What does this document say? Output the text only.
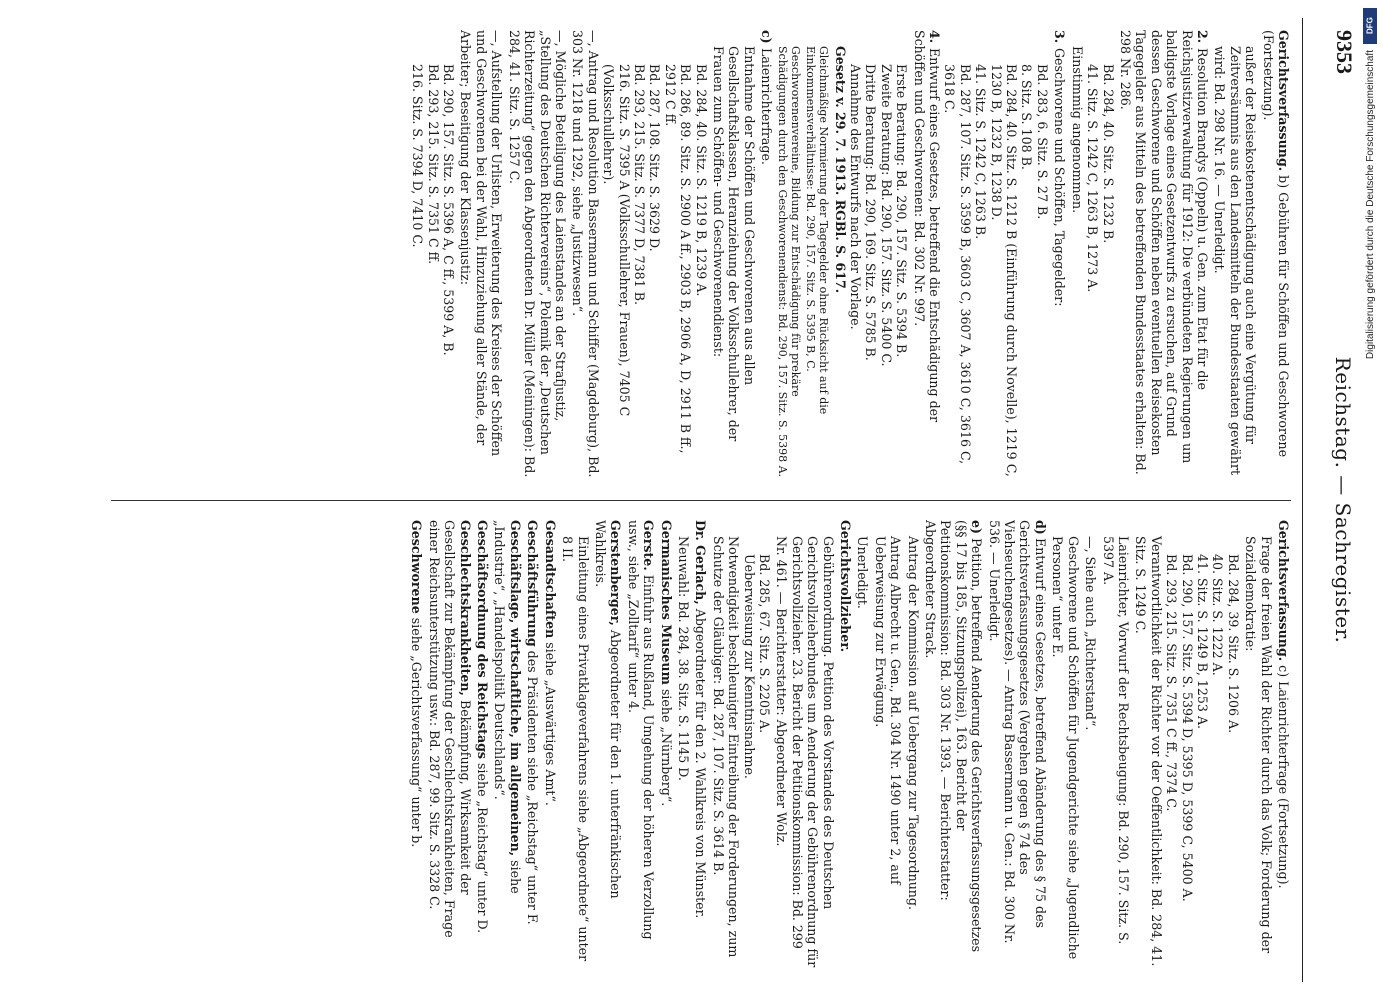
9353
Reichstag. — Sachregister.

Gerichtsverfassung. b) Gebühren für Schöffen und Geschworene (Fortsetzung).

außer der Reisekostenentschädigung auch eine Vergütung für Zeitversäumnis aus den Landesmitteln der Bundesstaaten gewährt wird: Bd. 298 Nr. 16. — Unerledigt.

2.Resolution Brandys (Oppeln) u. Gen. zum Etat für die Reichsjustizverwaltung für 1912: Die verbündeten Regierungen um baldigste Vorlage eines Gesetzentwurfs zu ersuchen, auf Grund dessen Geschworene und Schöffen neben eventuellen Reisekosten Tagegelder aus Mitteln des betreffenden Bundesstaates erhalten: Bd. 298 Nr. 286.

Bd. 284, 40. Sitz. S. 1232 B.
41. Sitz. S. 1242 C, 1263 B, 1273 A.

Einstimmig angenommen.

3.Geschworene und Schöffen, Tagegelder:

Bd. 283, 6. Sitz. S. 27 B.
8. Sitz. S. 108 B.

Bd. 284, 40. Sitz. S. 1212 B (Einführung durch Novelle), 1219 C, 1230 B, 1232 B, 1238 D.

41. Sitz. S. 1242 C, 1263 B.

Bd. 287, 107. Sitz. S. 3599 B, 3603 C, 3607 A, 3610 C, 3616 C, 3618 C.

4.Entwurf eines Gesetzes, betreffend die Entschädigung der Schöffen und Geschworenen: Bd. 302 Nr. 997.

Erste Beratung: Bd. 290, 157. Sitz. S. 5394 B.
Zweite Beratung: Bd. 290, 157. Sitz. S. 5400 C.
Dritte Beratung: Bd. 290, 169. Sitz. S. 5785 B.
Annahme des Entwurfs nach der Vorlage.

Gesetz v. 29. 7. 1913. RGBl. S. 617.

Gleichmäßige Normierung der Tagegelder ohne Rücksicht auf die Einkommensverhältnisse: Bd. 290, 157. Sitz. S. 5395 B, C.

Geschworenenvereine, Bildung zur Entschädigung für prekäre Schädigungen durch den Geschworenendienst: Bd. 290, 157. Sitz. S. 5398 A.

c)Laienrichterfrage.

Entnahme der Schöffen und Geschworenen aus allen Gesellschaftsklassen, Heranziehung der Volksschullehrer, der Frauen zum Schöffen- und Geschworenendienst:

Bd. 284, 40. Sitz. S. 1219 B, 1239 A.

Bd. 286, 89. Sitz. S. 2900 A ff., 2903 B, 2906 A, D, 2911 B ff., 2912 C ff.

Bd. 287, 108. Sitz. S. 3629 D.
Bd. 293, 215. Sitz. S. 7377 D, 7381 B.

216. Sitz. S. 7395 A (Volksschullehrer, Frauen), 7405 C (Volksschullehrer).

—, Antrag und Resolution Bassermann und Schiffer (Magdeburg), Bd. 303 Nr. 1218 und 1292, siehe „Justizwesen“.

—, Mögliche Beteiligung des Laienstandes an der Strafjustiz, „Stellung des Deutschen Richtervereins“, Polemik der „Deutschen Richterzeitung“ gegen den Abgeordneten Dr. Müller (Meiningen): Bd. 284, 41. Sitz. S. 1257 C.

—, Aufstellung der Urlisten, Erweiterung des Kreises der Schöffen und Geschworenen bei der Wahl, Hinzuziehung aller Stände, der Arbeiter; Beseitigung der Klassenjustiz:

Bd. 290, 157. Sitz. S. 5396 A, C ff., 5399 A, B.
Bd. 293, 215. Sitz. S. 7351 C ff.
216. Sitz. S. 7394 D, 7410 C.

Gerichtsverfassung. c) Laienrichterfrage (Fortsetzung).

Frage der freien Wahl der Richter durch das Volk; Forderung der Sozialdemokratie:

Bd. 284, 39. Sitz. S. 1206 A.
40. Sitz. S. 1222 A.
41. Sitz. S. 1249 B, 1253 A.

Bd. 290, 157. Sitz. S. 5394 D, 5395 D, 5399 C, 5400 A.

Bd. 293, 215. Sitz. S. 7351 C ff., 7374 C.

Verantwortlichkeit der Richter vor der Oeffentlichkeit: Bd. 284, 41. Sitz. S. 1249 C.

Laienrichter, Vorwurf der Rechtsbeugung: Bd. 290, 157. Sitz. S. 5397 A.

—, Siehe auch „Richterstand“.

Geschworene und Schöffen für Jugendgerichte siehe „Jugendliche Personen“ unter E.

d)Entwurf eines Gesetzes, betreffend Abänderung des § 75 des Gerichtsverfassungsgesetzes (Vergehen gegen § 74 des Viehseuchengesetzes). — Antrag Bassermann u. Gen.: Bd. 300 Nr. 536. — Unerledigt.

e)Petition, betreffend Aenderung des Gerichtsverfassungsgesetzes (§§ 17 bis 185, Sitzungspolizei), 163. Bericht der Petitionskommission: Bd. 303 Nr. 1393. — Berichterstatter: Abgeordneter Strack.

Antrag der Kommission auf Uebergang zur Tagesordnung.

Antrag Albrecht u. Gen., Bd. 304 Nr. 1490 unter 2, auf Ueberweisung zur Erwägung.

Unerledigt.

Gerichtsvollzieher.

Gebührenordnung. Petition des Vorstandes des Deutschen Gerichtsvollzieherbundes um Aenderung der Gebührenordnung für Gerichtsvollzieher. 23. Bericht der Petitionskommission: Bd. 299 Nr. 461. — Berichterstatter: Abgeordneter Wolz.

Bd. 285, 67. Sitz. S. 2205 A.
Ueberweisung zur Kenntnisnahme.

Notwendigkeit beschleunigter Eintreibung der Forderungen, zum Schutze der Gläubiger: Bd. 287, 107. Sitz. S. 3614 B.

Dr. Gerlach, Abgeordneter für den 2. Wahlkreis von Münster.

Neuwahl: Bd. 284, 38. Sitz. S. 1145 D.

Germanisches Museum siehe „Nürnberg“.

Gerste. Einfuhr aus Rußland, Umgehung der höheren Verzollung usw., siehe „Zolltarif“ unter 4.

Gerstenberger, Abgeordneter für den 1. unterfränkischen Wahlkreis.

Einleitung eines Privatklageverfahrens siehe „Abgeordnete“ unter 8 II.

Gesandtschaften siehe „Auswärtiges Amt“.

Geschäftsführung des Präsidenten siehe „Reichstag“ unter F.

Geschäftslage, wirtschaftliche, im allgemeinen, siehe „Industrie“, „Handelspolitik Deutschlands“.

Geschäftsordnung des Reichstags siehe „Reichstag“ unter D.

Geschlechtskrankheiten, Bekämpfung, Wirksamkeit der Gesellschaft zur Bekämpfung der Geschlechtskrankheiten, Frage einer Reichsunterstützung usw.: Bd. 287, 99. Sitz. S. 3328 C.

Geschworene siehe „Gerichtsverfassung“ unter b.

DFG
Digitalisierung gefördert durch die Deutsche Forschungsgemeinschaft
